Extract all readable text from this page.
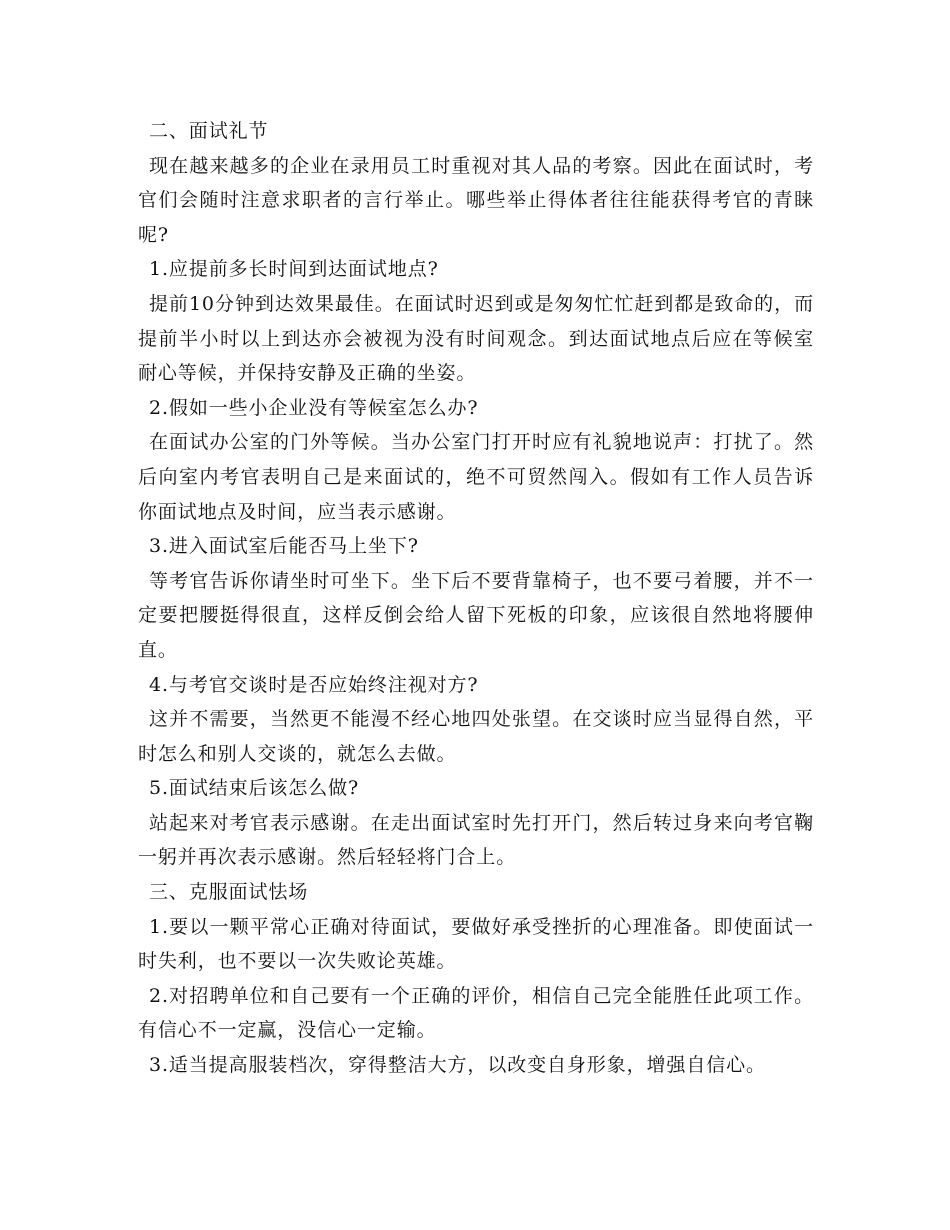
二、面试礼节

现在越来越多的企业在录用员工时重视对其人品的考察。因此在面试时，考官们会随时注意求职者的言行举止。哪些举止得体者往往能获得考官的青睐呢?

1.应提前多长时间到达面试地点?

提前10分钟到达效果最佳。在面试时迟到或是匆匆忙忙赶到都是致命的，而提前半小时以上到达亦会被视为没有时间观念。到达面试地点后应在等候室耐心等候，并保持安静及正确的坐姿。

2.假如一些小企业没有等候室怎么办?

在面试办公室的门外等候。当办公室门打开时应有礼貌地说声：打扰了。然后向室内考官表明自己是来面试的，绝不可贸然闯入。假如有工作人员告诉你面试地点及时间，应当表示感谢。

3.进入面试室后能否马上坐下?

等考官告诉你请坐时可坐下。坐下后不要背靠椅子，也不要弓着腰，并不一定要把腰挺得很直，这样反倒会给人留下死板的印象，应该很自然地将腰伸直。

4.与考官交谈时是否应始终注视对方?

这并不需要，当然更不能漫不经心地四处张望。在交谈时应当显得自然，平时怎么和别人交谈的，就怎么去做。

5.面试结束后该怎么做?

站起来对考官表示感谢。在走出面试室时先打开门，然后转过身来向考官鞠一躬并再次表示感谢。然后轻轻将门合上。

三、克服面试怯场

1.要以一颗平常心正确对待面试，要做好承受挫折的心理准备。即使面试一时失利，也不要以一次失败论英雄。

2.对招聘单位和自己要有一个正确的评价，相信自己完全能胜任此项工作。有信心不一定赢，没信心一定输。

3.适当提高服装档次，穿得整洁大方，以改变自身形象，增强自信心。
